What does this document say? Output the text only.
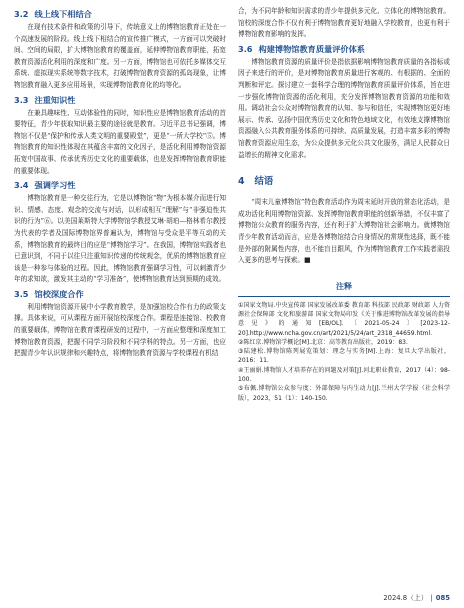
3.2 线上线下相结合

在现有技术条件和政策的引导下，传统意义上的博物馆教育正处在一个高速发展的阶段。线上线下相结合的宣传推广模式，一方面可以突破时间、空间的局限，扩大博物馆教育的覆盖面，延伸博物馆教育职能，拓宽教育资源活化利用的深度和广度。另一方面，博物馆也可依托多媒体交互系统、虚拟现实系统等数字技术，打破博物馆教育资源的孤岛现象，让博物馆教育融入更多应用场景，实现博物馆教育化的均等化。

3.3 注重知识性

在兼具趣味性、互动体验性的同时，知识性应是博物馆教育活动的首要特征，青少年获取知识最主要的途径就是教育。习近平总书记强调，博物馆不仅是“保护和传承人类文明的重要殿堂”，更是“一所大学校”⑤。博物馆教育的知识性体现在其蕴含丰富的文化因子，是活化利用博物馆资源拓宽中国故事、传承优秀历史文化的重要载体，也是发挥博物馆教育职能的重要体现。

3.4 强调学习性

博物馆教育是一种交往行为，它是以博物馆“物”为根本媒介而进行知识、情感、态度、观念的交流与对话，以形成相互“理解”与“非强迫性共识的行为”⑥。以美国莱斯特大学博物馆学教授艾琳·胡珀—格林希尔教授为代表的学者及国际博物馆界普遍认为，博物馆与受众是平等互动的关系，博物馆教育的最终目的应是“博物馆学习”。在我国，博物馆实践者也已意识到，不同于以往只注重知识传递的传统观念，优质的博物馆教育应该是一种参与体验的过程。因此，博物馆教育强调学习性，可以刺激青少年的求知欲，激发其主动的“学习准备”，使博物馆教育达到预期的成效。

3.5 馆校深度合作

利用博物馆资源开展中小学教育教学，是加强馆校合作有力的政策支撑。具体来说，可从课程方面开展馆校深度合作。课程是连接馆、校教育的重要载体，博物馆在教育课程研发的过程中，一方面应整理和深度加工博物馆教育资源，把握不同学习阶段和不同学科的特点。另一方面，也应把握青少年认识规律和兴趣特点，将博物馆教育资源与学校课程有机结

合，为不同年龄和知识需求的青少年提供多元化、立体化的博物馆教育。馆校的深度合作不仅有利于博物馆教育更好地融入学校教育，也更有利于博物馆教育影响的发挥。

3.6 构建博物馆教育质量评价体系

博物馆教育资源的质量评价是指依据影响博物馆教育质量的各指标或因子来进行的评价，是对博物馆教育质量进行客观的、有根据的、全面的判断和评定。探讨建立一套科学合理的博物馆教育质量评价体系，旨在进一步强化博物馆资源的活化利用，充分发挥博物馆教育资源的功能和效用。调动社会公众对博物馆教育的认知、参与和信任，实现博物馆更好地展示、传承、弘扬中国优秀历史文化和特色地域文化，有效地支撑博物馆资源融入公共教育服务体系的可持续、高质量发展，打造丰富多彩的博物馆教育资源应用生态，为公众提供多元化公共文化服务，满足人民群众日益增长的精神文化需求。

4 结语

“周末儿童博物馆”特色教育活动作为周末延时开放的常态化活动，是成功活化利用博物馆资源、发挥博物馆教育职能的创新举措，不仅丰富了博物馆公众教育的服务内容，还有利于扩大博物馆社会影响力。就博物馆青少年教育活动而言，应是各博物馆结合自身情况的常规性选择，既不能是外部的附属性内容，也不能盲目跟风，作为博物馆教育工作实践者需投入更多的思考与探索。■

注释

①国家文物局.中央宣传部 国家发展改革委 教育部 科技部 民政部 财政部 人力资源社会保障部 文化和旅游部 国家文物局印发《关于推进博物馆改革发展的指导意见》的通知[EB/OL].〔2021-05-24〕[2023-12-20].http://www.ncha.gov.cn/art/2021/5/24/art_2318_44659.html.

②陈红京.博物馆学概论[M].北京：高等教育出版社，2019：83.

③陆建松.博物馆陈列展览策划：理念与实务[M].上海：复旦大学出版社，2016：11.

④王丽娟.博物馆人才培养存在的问题及对策[J].河北职业教育，2017（4）：98-100.

⑤布佩.博物馆公众参与度：外部保障与内生动力[J].兰州大学学报（社会科学版），2023，51（1）：140-150.

2024.8（上） | 085
